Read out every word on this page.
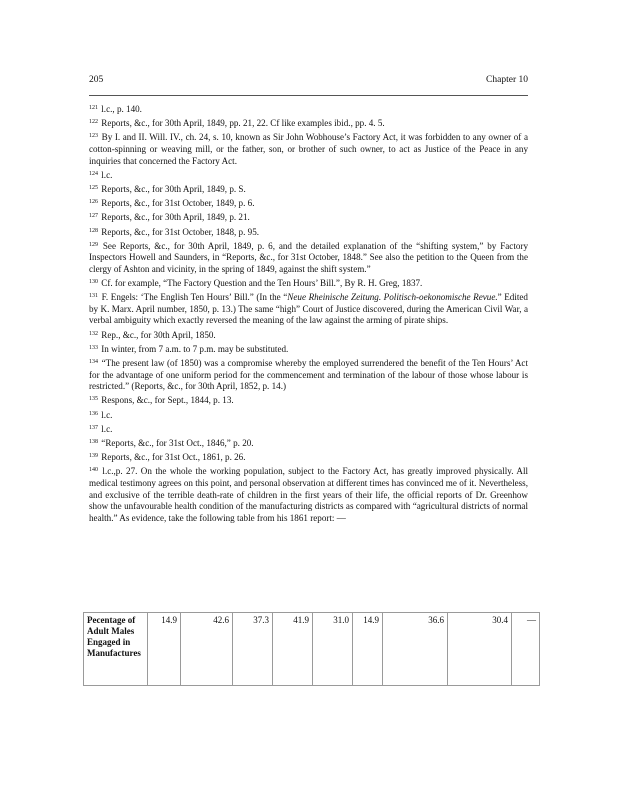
205	Chapter 10

$^{121}$ l.c., p. 140.

$^{122}$ Reports, &c., for 30th April, 1849, pp. 21, 22. Cf like examples ibid., pp. 4. 5.

$^{123}$ By I. and II. Will. IV., ch. 24, s. 10, known as Sir John Wobhouse’s Factory Act, it was forbidden to any owner of a cotton-spinning or weaving mill, or the father, son, or brother of such owner, to act as Justice of the Peace in any inquiries that concerned the Factory Act.

$^{124}$ l.c.

$^{125}$ Reports, &c., for 30th April, 1849, p. S.

$^{126}$ Reports, &c., for 31st October, 1849, p. 6.

$^{127}$ Reports, &c., for 30th April, 1849, p. 21.

$^{128}$ Reports, &c., for 31st October, 1848, p. 95.

$^{129}$ See Reports, &c., for 30th April, 1849, p. 6, and the detailed explanation of the “shifting system,” by Factory Inspectors Howell and Saunders, in “Reports, &c., for 31st October, 1848.” See also the petition to the Queen from the clergy of Ashton and vicinity, in the spring of 1849, against the shift system.”

$^{130}$ Cf. for example, “The Factory Question and the Ten Hours’ Bill.”, By R. H. Greg, 1837.

$^{131}$ F. Engels: ‘The English Ten Hours’ Bill.” (In the “Neue Rheinische Zeitung. Politisch-oekonomische Revue.” Edited by K. Marx. April number, 1850, p. 13.) The same “high” Court of Justice discovered, during the American Civil War, a verbal ambiguity which exactly reversed the meaning of the law against the arming of pirate ships.

$^{132}$ Rep., &c., for 30th April, 1850.

$^{133}$ In winter, from 7 a.m. to 7 p.m. may be substituted.

$^{134}$ “The present law (of 1850) was a compromise whereby the employed surrendered the benefit of the Ten Hours’ Act for the advantage of one uniform period for the commencement and termination of the labour of those whose labour is restricted.” (Reports, &c., for 30th April, 1852, p. 14.)

$^{135}$ Respons, &c., for Sept., 1844, p. 13.

$^{136}$ l.c.

$^{137}$ l.c.

$^{138}$ “Reports, &c., for 31st Oct., 1846,” p. 20.

$^{139}$ Reports, &c., for 31st Oct., 1861, p. 26.

$^{140}$ l.c.,p. 27. On the whole the working population, subject to the Factory Act, has greatly improved physically. All medical testimony agrees on this point, and personal observation at different times has convinced me of it. Nevertheless, and exclusive of the terrible death-rate of children in the first years of their life, the official reports of Dr. Greenhow show the unfavourable health condition of the manufacturing districts as compared with “agricultural districts of normal health.” As evidence, take the following table from his 1861 report: —

Pecentage of Adult Males Engaged in Manufactures	14.9	42.6	37.3	41.9	31.0	14.9	36.6	30.4	—
